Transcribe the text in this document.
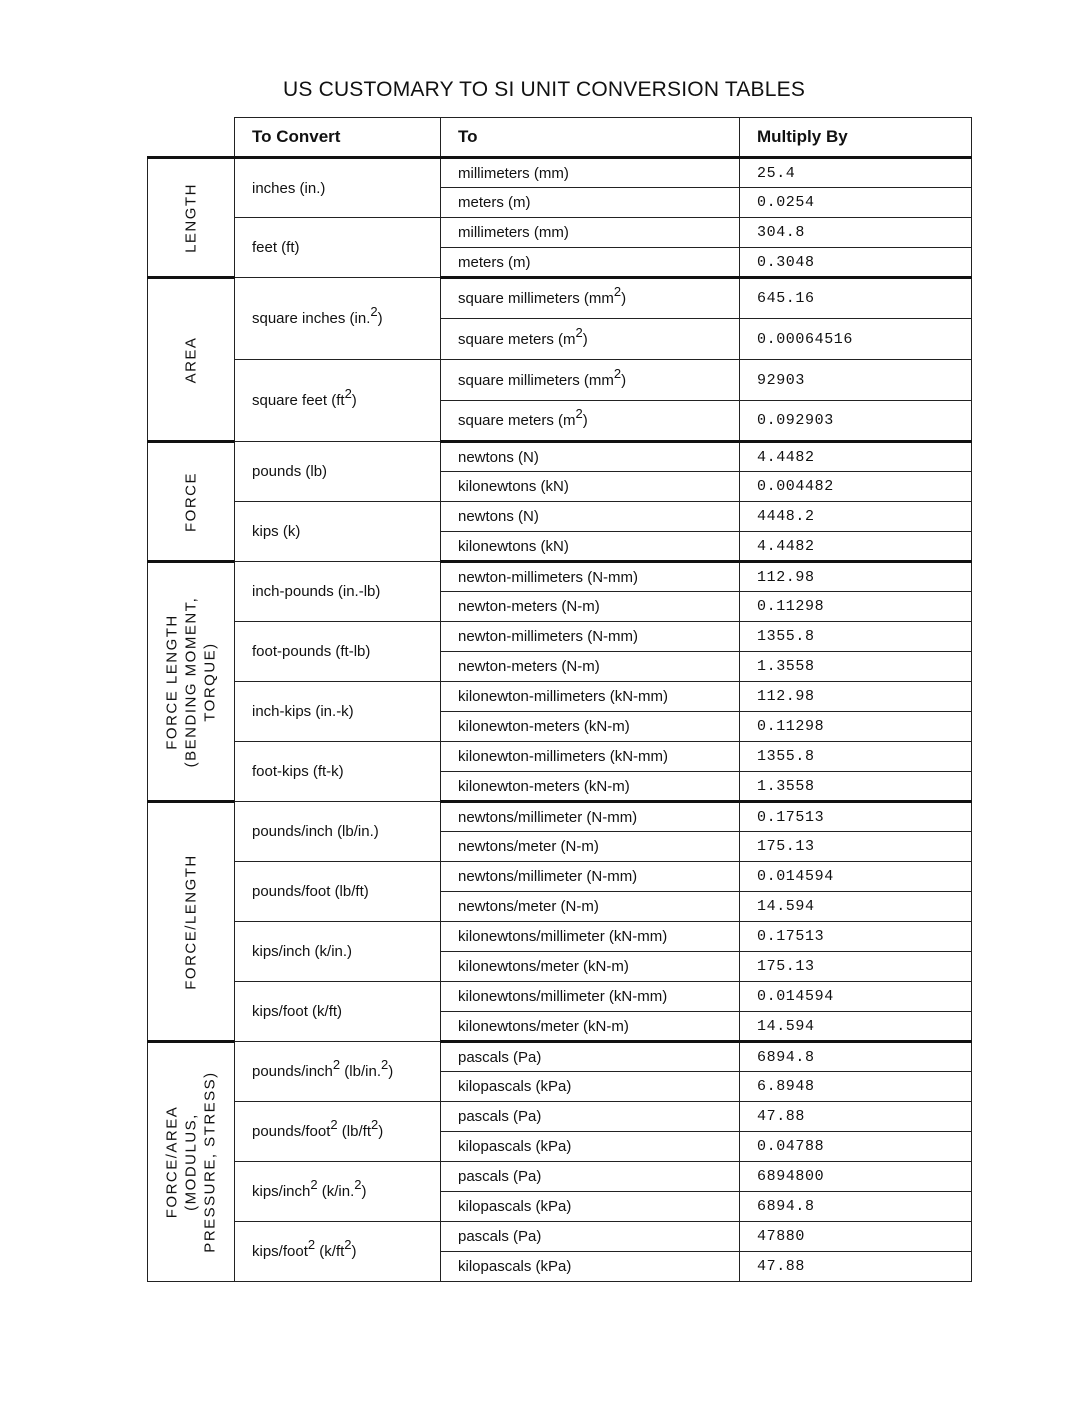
US CUSTOMARY TO SI UNIT CONVERSION TABLES
	To Convert	To	Multiply By

LENGTH	inches (in.)	millimeters (mm)	25.4
		meters (m)	0.0254
	feet (ft)	millimeters (mm)	304.8
		meters (m)	0.3048

AREA	square inches (in.$^2$)	square millimeters $(mm^2)$	645.16
		square meters $(m^2)$	0.00064516
	square feet $(ft^2)$	square millimeters $(mm^2)$	92903
		square meters $(m^2)$	0.092903

FORCE	pounds (lb)	newtons (N)	4.4482
		kilonewtons (kN)	0.004482
	kips (k)	newtons (N)	4448.2
		kilonewtons (kN)	4.4482

FORCE LENGTH
(BENDING MOMENT,
TORQUE)	inch-pounds (in.-lb)	newton-millimeters (N-mm)	112.98
		newton-meters (N-m)	0.11298
	foot-pounds (ft-lb)	newton-millimeters (N-mm)	1355.8
		newton-meters (N-m)	1.3558
	inch-kips (in.-k)	kilonewton-millimeters (kN-mm)	112.98
		kilonewton-meters (kN-m)	0.11298
	foot-kips (ft-k)	kilonewton-millimeters (kN-mm)	1355.8
		kilonewton-meters (kN-m)	1.3558

FORCE/LENGTH	pounds/inch (lb/in.)	newtons/millimeter (N-mm)	0.17513
		newtons/meter (N-m)	175.13
	pounds/foot (lb/ft)	newtons/millimeter (N-mm)	0.014594
		newtons/meter (N-m)	14.594
	kips/inch (k/in.)	kilonewtons/millimeter (kN-mm)	0.17513
		kilonewtons/meter (kN-m)	175.13
	kips/foot (k/ft)	kilonewtons/millimeter (kN-mm)	0.014594
		kilonewtons/meter (kN-m)	14.594

FORCE/AREA
(MODULUS,
PRESSURE, STRESS)	pounds/inch$^2$ (lb/in.$^2$)	pascals (Pa)	6894.8
		kilopascals (kPa)	6.8948
	pounds/foot$^2$ $(lb/ft^2)$	pascals (Pa)	47.88
		kilopascals (kPa)	0.04788
	kips/inch$^2$ (k/in.$^2$)	pascals (Pa)	6894800
		kilopascals (kPa)	6894.8
	kips/foot$^2$ $(k/ft^2)$	pascals (Pa)	47880
		kilopascals (kPa)	47.88
